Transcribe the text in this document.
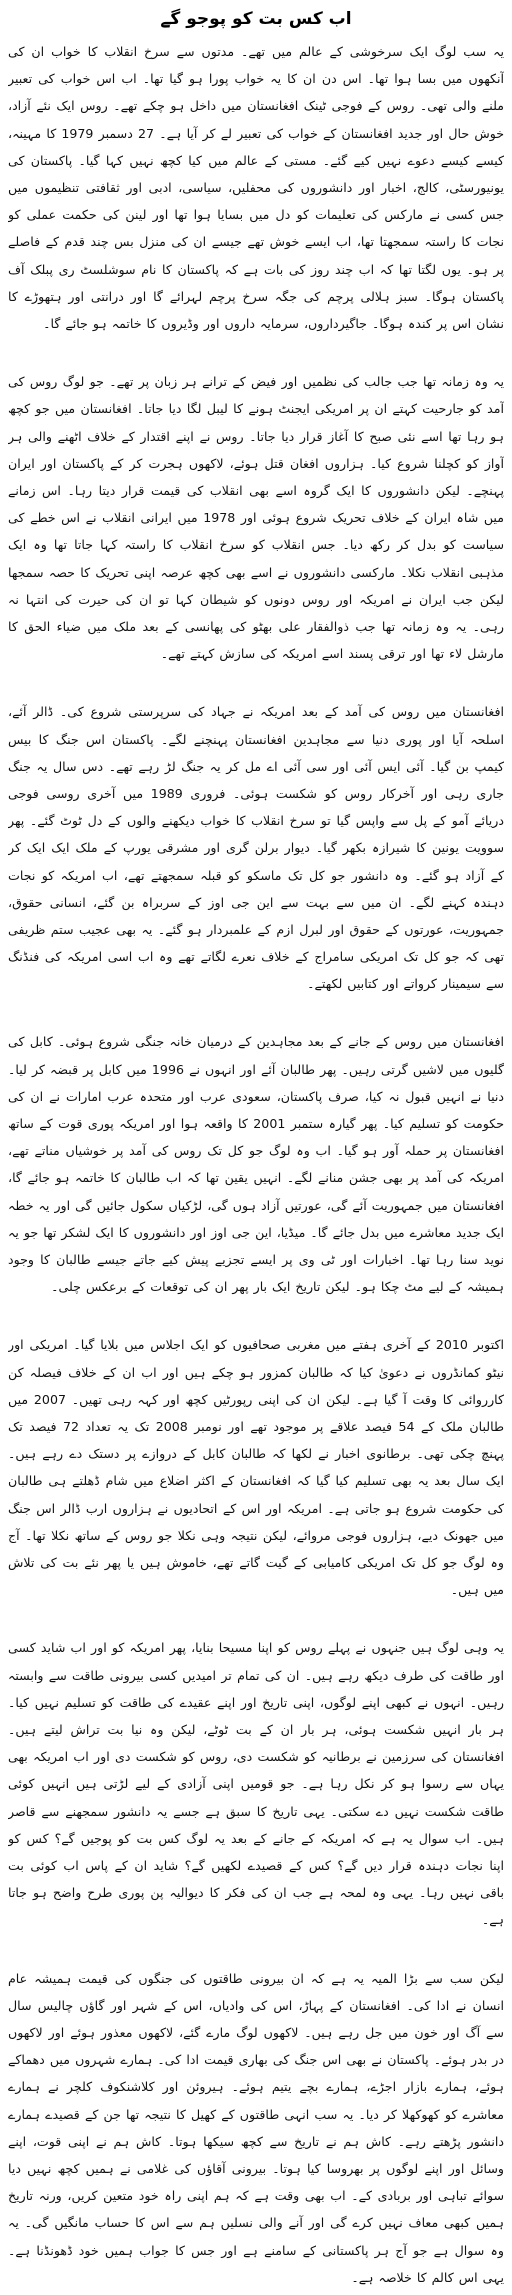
اب کس بت کو پوجو گے

یہ سب لوگ ایک سرخوشی کے عالم میں تھے۔ مدتوں سے سرخ انقلاب کا خواب ان کی آنکھوں میں بسا ہوا تھا۔ اس دن ان کا یہ خواب پورا ہو گیا تھا۔ اب اس خواب کی تعبیر ملنے والی تھی۔ روس کے فوجی ٹینک افغانستان میں داخل ہو چکے تھے۔ روس ایک نئے آزاد، خوش حال اور جدید افغانستان کے خواب کی تعبیر لے کر آیا ہے۔ 27 دسمبر 1979 کا مہینہ، کیسے کیسے دعوے نہیں کیے گئے۔ مستی کے عالم میں کیا کچھ نہیں کہا گیا۔ پاکستان کی یونیورسٹی، کالج، اخبار اور دانشوروں کی محفلیں، سیاسی، ادبی اور ثقافتی تنظیموں میں جس کسی نے مارکس کی تعلیمات کو دل میں بسایا ہوا تھا اور لینن کی حکمت عملی کو نجات کا راستہ سمجھتا تھا، اب ایسے خوش تھے جیسے ان کی منزل بس چند قدم کے فاصلے پر ہو۔ یوں لگتا تھا کہ اب چند روز کی بات ہے کہ پاکستان کا نام سوشلسٹ ری پبلک آف پاکستان ہوگا۔ سبز ہلالی پرچم کی جگہ سرخ پرچم لہرائے گا اور درانتی اور ہتھوڑے کا نشان اس پر کندہ ہوگا۔ جاگیرداروں، سرمایہ داروں اور وڈیروں کا خاتمہ ہو جائے گا۔

یہ وہ زمانہ تھا جب جالب کی نظمیں اور فیض کے ترانے ہر زبان پر تھے۔ جو لوگ روس کی آمد کو جارحیت کہتے ان پر امریکی ایجنٹ ہونے کا لیبل لگا دیا جاتا۔ افغانستان میں جو کچھ ہو رہا تھا اسے نئی صبح کا آغاز قرار دیا جاتا۔ روس نے اپنے اقتدار کے خلاف اٹھنے والی ہر آواز کو کچلنا شروع کیا۔ ہزاروں افغان قتل ہوئے، لاکھوں ہجرت کر کے پاکستان اور ایران پہنچے۔ لیکن دانشوروں کا ایک گروہ اسے بھی انقلاب کی قیمت قرار دیتا رہا۔ اس زمانے میں شاہ ایران کے خلاف تحریک شروع ہوئی اور 1978 میں ایرانی انقلاب نے اس خطے کی سیاست کو بدل کر رکھ دیا۔ جس انقلاب کو سرخ انقلاب کا راستہ کہا جاتا تھا وہ ایک مذہبی انقلاب نکلا۔ مارکسی دانشوروں نے اسے بھی کچھ عرصہ اپنی تحریک کا حصہ سمجھا لیکن جب ایران نے امریکہ اور روس دونوں کو شیطان کہا تو ان کی حیرت کی انتہا نہ رہی۔ یہ وہ زمانہ تھا جب ذوالفقار علی بھٹو کی پھانسی کے بعد ملک میں ضیاء الحق کا مارشل لاء تھا اور ترقی پسند اسے امریکہ کی سازش کہتے تھے۔

افغانستان میں روس کی آمد کے بعد امریکہ نے جہاد کی سرپرستی شروع کی۔ ڈالر آئے، اسلحہ آیا اور پوری دنیا سے مجاہدین افغانستان پہنچنے لگے۔ پاکستان اس جنگ کا بیس کیمپ بن گیا۔ آئی ایس آئی اور سی آئی اے مل کر یہ جنگ لڑ رہے تھے۔ دس سال یہ جنگ جاری رہی اور آخرکار روس کو شکست ہوئی۔ فروری 1989 میں آخری روسی فوجی دریائے آمو کے پل سے واپس گیا تو سرخ انقلاب کا خواب دیکھنے والوں کے دل ٹوٹ گئے۔ پھر سوویت یونین کا شیرازہ بکھر گیا۔ دیوار برلن گری اور مشرقی یورپ کے ملک ایک ایک کر کے آزاد ہو گئے۔ وہ دانشور جو کل تک ماسکو کو قبلہ سمجھتے تھے، اب امریکہ کو نجات دہندہ کہنے لگے۔ ان میں سے بہت سے این جی اوز کے سربراہ بن گئے، انسانی حقوق، جمہوریت، عورتوں کے حقوق اور لبرل ازم کے علمبردار ہو گئے۔ یہ بھی عجیب ستم ظریفی تھی کہ جو کل تک امریکی سامراج کے خلاف نعرے لگاتے تھے وہ اب اسی امریکہ کی فنڈنگ سے سیمینار کرواتے اور کتابیں لکھتے۔

افغانستان میں روس کے جانے کے بعد مجاہدین کے درمیان خانہ جنگی شروع ہوئی۔ کابل کی گلیوں میں لاشیں گرتی رہیں۔ پھر طالبان آئے اور انہوں نے 1996 میں کابل پر قبضہ کر لیا۔ دنیا نے انہیں قبول نہ کیا، صرف پاکستان، سعودی عرب اور متحدہ عرب امارات نے ان کی حکومت کو تسلیم کیا۔ پھر گیارہ ستمبر 2001 کا واقعہ ہوا اور امریکہ پوری قوت کے ساتھ افغانستان پر حملہ آور ہو گیا۔ اب وہ لوگ جو کل تک روس کی آمد پر خوشیاں مناتے تھے، امریکہ کی آمد پر بھی جشن منانے لگے۔ انہیں یقین تھا کہ اب طالبان کا خاتمہ ہو جائے گا، افغانستان میں جمہوریت آئے گی، عورتیں آزاد ہوں گی، لڑکیاں سکول جائیں گی اور یہ خطہ ایک جدید معاشرے میں بدل جائے گا۔ میڈیا، این جی اوز اور دانشوروں کا ایک لشکر تھا جو یہ نوید سنا رہا تھا۔ اخبارات اور ٹی وی پر ایسے تجزیے پیش کیے جاتے جیسے طالبان کا وجود ہمیشہ کے لیے مٹ چکا ہو۔ لیکن تاریخ ایک بار پھر ان کی توقعات کے برعکس چلی۔

اکتوبر 2010 کے آخری ہفتے میں مغربی صحافیوں کو ایک اجلاس میں بلایا گیا۔ امریکی اور نیٹو کمانڈروں نے دعویٰ کیا کہ طالبان کمزور ہو چکے ہیں اور اب ان کے خلاف فیصلہ کن کارروائی کا وقت آ گیا ہے۔ لیکن ان کی اپنی رپورٹیں کچھ اور کہہ رہی تھیں۔ 2007 میں طالبان ملک کے 54 فیصد علاقے پر موجود تھے اور نومبر 2008 تک یہ تعداد 72 فیصد تک پہنچ چکی تھی۔ برطانوی اخبار نے لکھا کہ طالبان کابل کے دروازے پر دستک دے رہے ہیں۔ ایک سال بعد یہ بھی تسلیم کیا گیا کہ افغانستان کے اکثر اضلاع میں شام ڈھلتے ہی طالبان کی حکومت شروع ہو جاتی ہے۔ امریکہ اور اس کے اتحادیوں نے ہزاروں ارب ڈالر اس جنگ میں جھونک دیے، ہزاروں فوجی مروائے، لیکن نتیجہ وہی نکلا جو روس کے ساتھ نکلا تھا۔ آج وہ لوگ جو کل تک امریکی کامیابی کے گیت گاتے تھے، خاموش ہیں یا پھر نئے بت کی تلاش میں ہیں۔

یہ وہی لوگ ہیں جنہوں نے پہلے روس کو اپنا مسیحا بنایا، پھر امریکہ کو اور اب شاید کسی اور طاقت کی طرف دیکھ رہے ہیں۔ ان کی تمام تر امیدیں کسی بیرونی طاقت سے وابستہ رہیں۔ انہوں نے کبھی اپنے لوگوں، اپنی تاریخ اور اپنے عقیدے کی طاقت کو تسلیم نہیں کیا۔ ہر بار انہیں شکست ہوئی، ہر بار ان کے بت ٹوٹے، لیکن وہ نیا بت تراش لیتے ہیں۔ افغانستان کی سرزمین نے برطانیہ کو شکست دی، روس کو شکست دی اور اب امریکہ بھی یہاں سے رسوا ہو کر نکل رہا ہے۔ جو قومیں اپنی آزادی کے لیے لڑتی ہیں انہیں کوئی طاقت شکست نہیں دے سکتی۔ یہی تاریخ کا سبق ہے جسے یہ دانشور سمجھنے سے قاصر ہیں۔ اب سوال یہ ہے کہ امریکہ کے جانے کے بعد یہ لوگ کس بت کو پوجیں گے؟ کس کو اپنا نجات دہندہ قرار دیں گے؟ کس کے قصیدے لکھیں گے؟ شاید ان کے پاس اب کوئی بت باقی نہیں رہا۔ یہی وہ لمحہ ہے جب ان کی فکر کا دیوالیہ پن پوری طرح واضح ہو جاتا ہے۔

لیکن سب سے بڑا المیہ یہ ہے کہ ان بیرونی طاقتوں کی جنگوں کی قیمت ہمیشہ عام انسان نے ادا کی۔ افغانستان کے پہاڑ، اس کی وادیاں، اس کے شہر اور گاؤں چالیس سال سے آگ اور خون میں جل رہے ہیں۔ لاکھوں لوگ مارے گئے، لاکھوں معذور ہوئے اور لاکھوں در بدر ہوئے۔ پاکستان نے بھی اس جنگ کی بھاری قیمت ادا کی۔ ہمارے شہروں میں دھماکے ہوئے، ہمارے بازار اجڑے، ہمارے بچے یتیم ہوئے۔ ہیروئن اور کلاشنکوف کلچر نے ہمارے معاشرے کو کھوکھلا کر دیا۔ یہ سب انہی طاقتوں کے کھیل کا نتیجہ تھا جن کے قصیدے ہمارے دانشور پڑھتے رہے۔ کاش ہم نے تاریخ سے کچھ سیکھا ہوتا۔ کاش ہم نے اپنی قوت، اپنے وسائل اور اپنے لوگوں پر بھروسا کیا ہوتا۔ بیرونی آقاؤں کی غلامی نے ہمیں کچھ نہیں دیا سوائے تباہی اور بربادی کے۔ اب بھی وقت ہے کہ ہم اپنی راہ خود متعین کریں، ورنہ تاریخ ہمیں کبھی معاف نہیں کرے گی اور آنے والی نسلیں ہم سے اس کا حساب مانگیں گی۔ یہ وہ سوال ہے جو آج ہر پاکستانی کے سامنے ہے اور جس کا جواب ہمیں خود ڈھونڈنا ہے۔ یہی اس کالم کا خلاصہ ہے۔
